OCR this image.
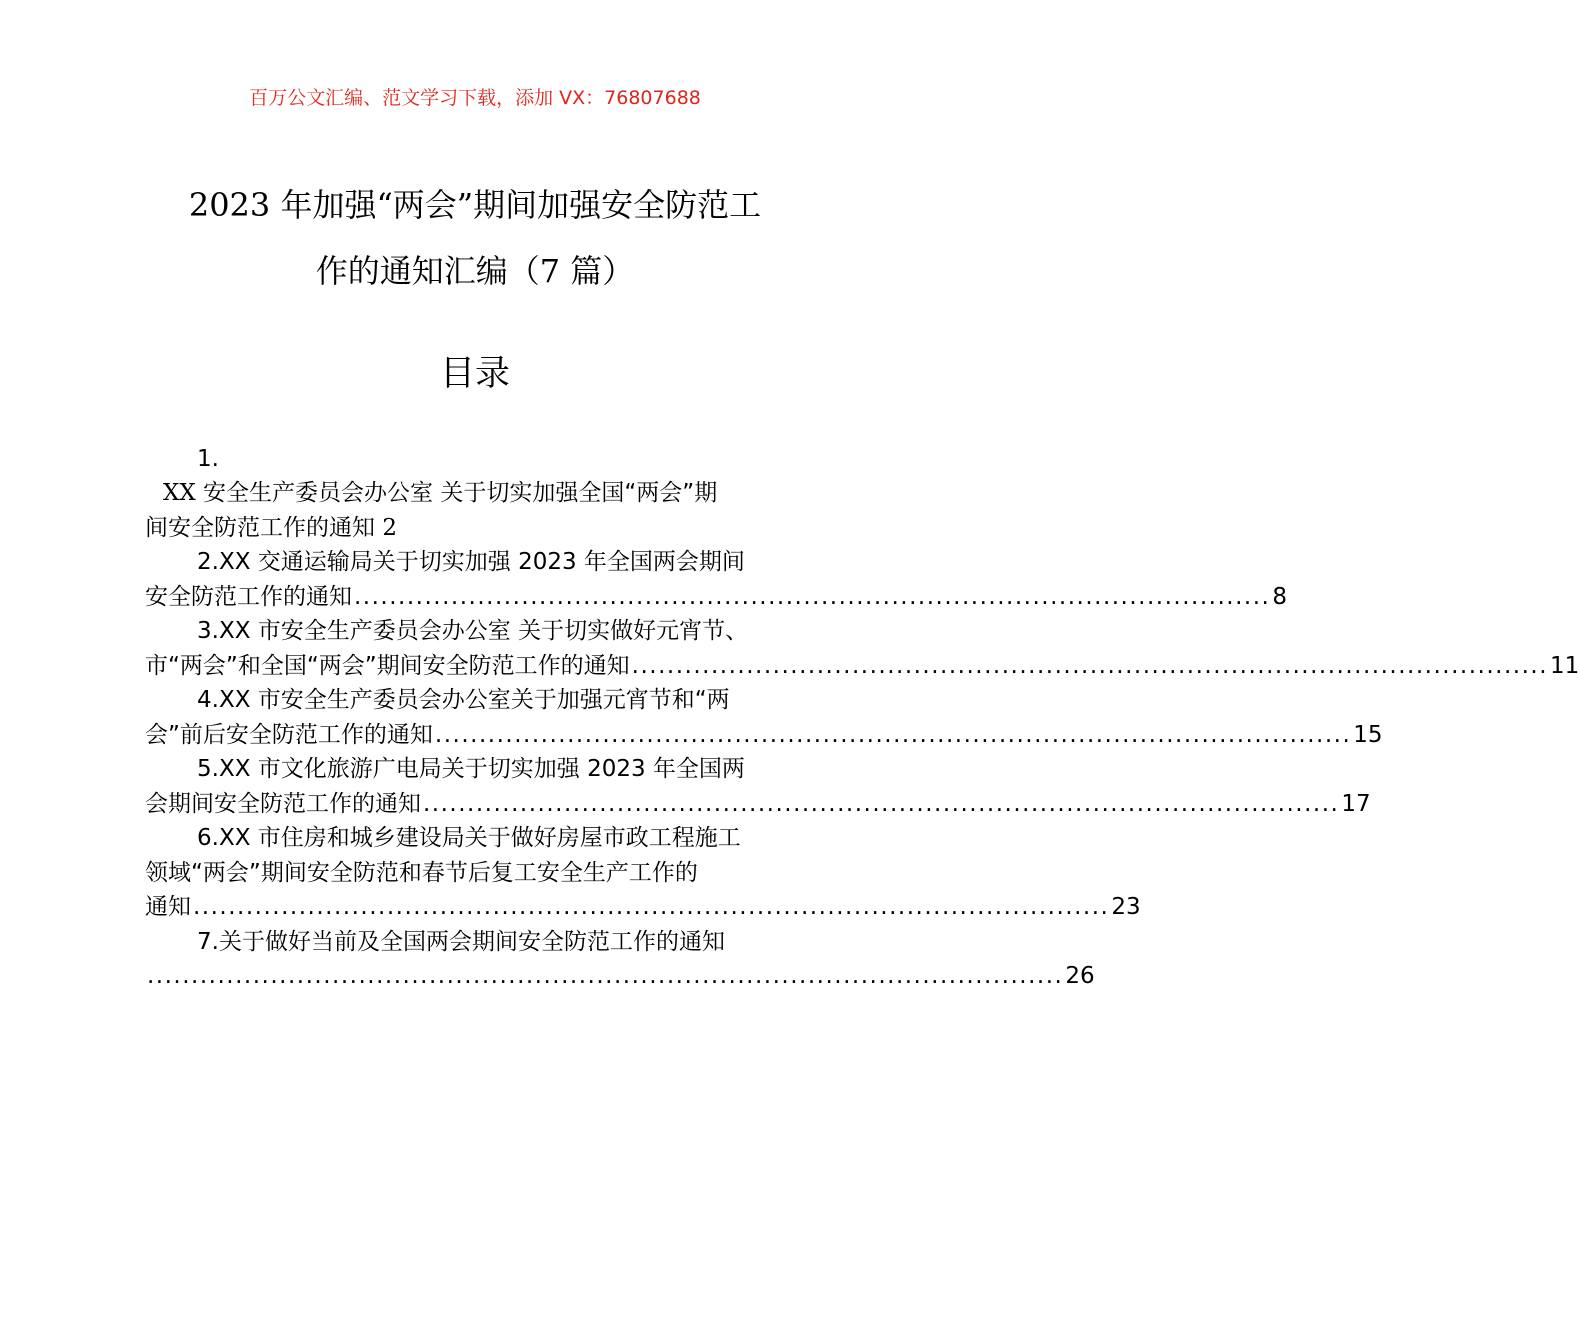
百万公文汇编、范文学习下载，添加 VX：76807688
2023 年加强“两会”期间加强安全防范工
作的通知汇编（7 篇）
目录
1.
XX 安全生产委员会办公室 关于切实加强全国“两会”期
间安全防范工作的通知 2
2.XX 交通运输局关于切实加强 2023 年全国两会期间
安全防范工作的通知 ........................................................................................................ 8
3.XX 市安全生产委员会办公室 关于切实做好元宵节、
市“两会”和全国“两会”期间安全防范工作的通知 ........................................................................................................ 11
4.XX 市安全生产委员会办公室关于加强元宵节和“两
会”前后安全防范工作的通知 ........................................................................................................ 15
5.XX 市文化旅游广电局关于切实加强 2023 年全国两
会期间安全防范工作的通知 ........................................................................................................ 17
6.XX 市住房和城乡建设局关于做好房屋市政工程施工
领域“两会”期间安全防范和春节后复工安全生产工作的
通知 ........................................................................................................ 23
7.关于做好当前及全国两会期间安全防范工作的通知
........................................................................................................ 26
